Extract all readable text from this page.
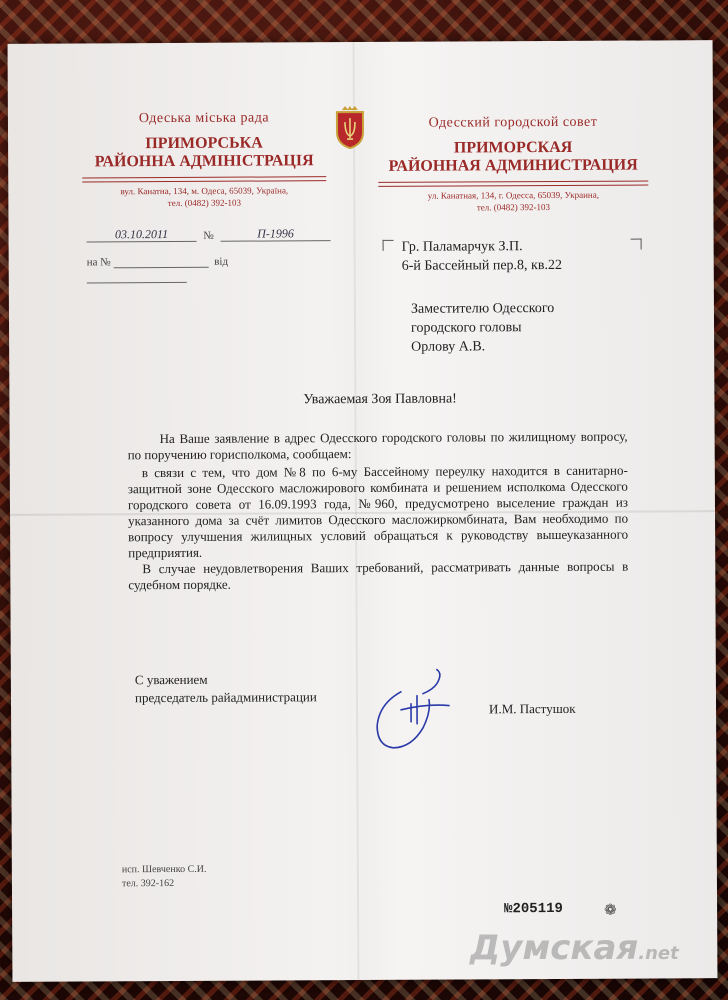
Одеська міська рада
ПРИМОРСЬКА
РАЙОННА АДМІНІСТРАЦІЯ
вул. Канатна, 134, м. Одеса, 65039, Україна,
тел. (0482) 392-103
Одесский городской совет
ПРИМОРСКАЯ
РАЙОННАЯ АДМИНИСТРАЦИЯ
ул. Канатная, 134, г. Одесса, 65039, Украина,
тел. (0482) 392-103
03.10.2011	№	П-1996
на №	від
Гр. Паламарчук З.П.
6-й Бассейный пер.8, кв.22
Заместителю Одесского
городского головы
Орлову А.В.
Уважаемая Зоя Павловна!
На Ваше заявление в адрес Одесского городского головы по жилищному вопросу, по поручению горисполкома, сообщаем:
в связи с тем, что дом №8 по 6-му Бассейному переулку находится в санитарно-защитной зоне Одесского масложирового комбината и решением исполкома Одесского городского совета от 16.09.1993 года, №960, предусмотрено выселение граждан из указанного дома за счёт лимитов Одесского масложиркомбината, Вам необходимо по вопросу улучшения жилищных условий обращаться к руководству вышеуказанного предприятия.
В случае неудовлетворения Ваших требований, рассматривать данные вопросы в судебном порядке.
С уважением
председатель райадминистрации
И.М. Пастушок
исп. Шевченко С.И.
тел. 392-162
№205119	❁
Думская.net
